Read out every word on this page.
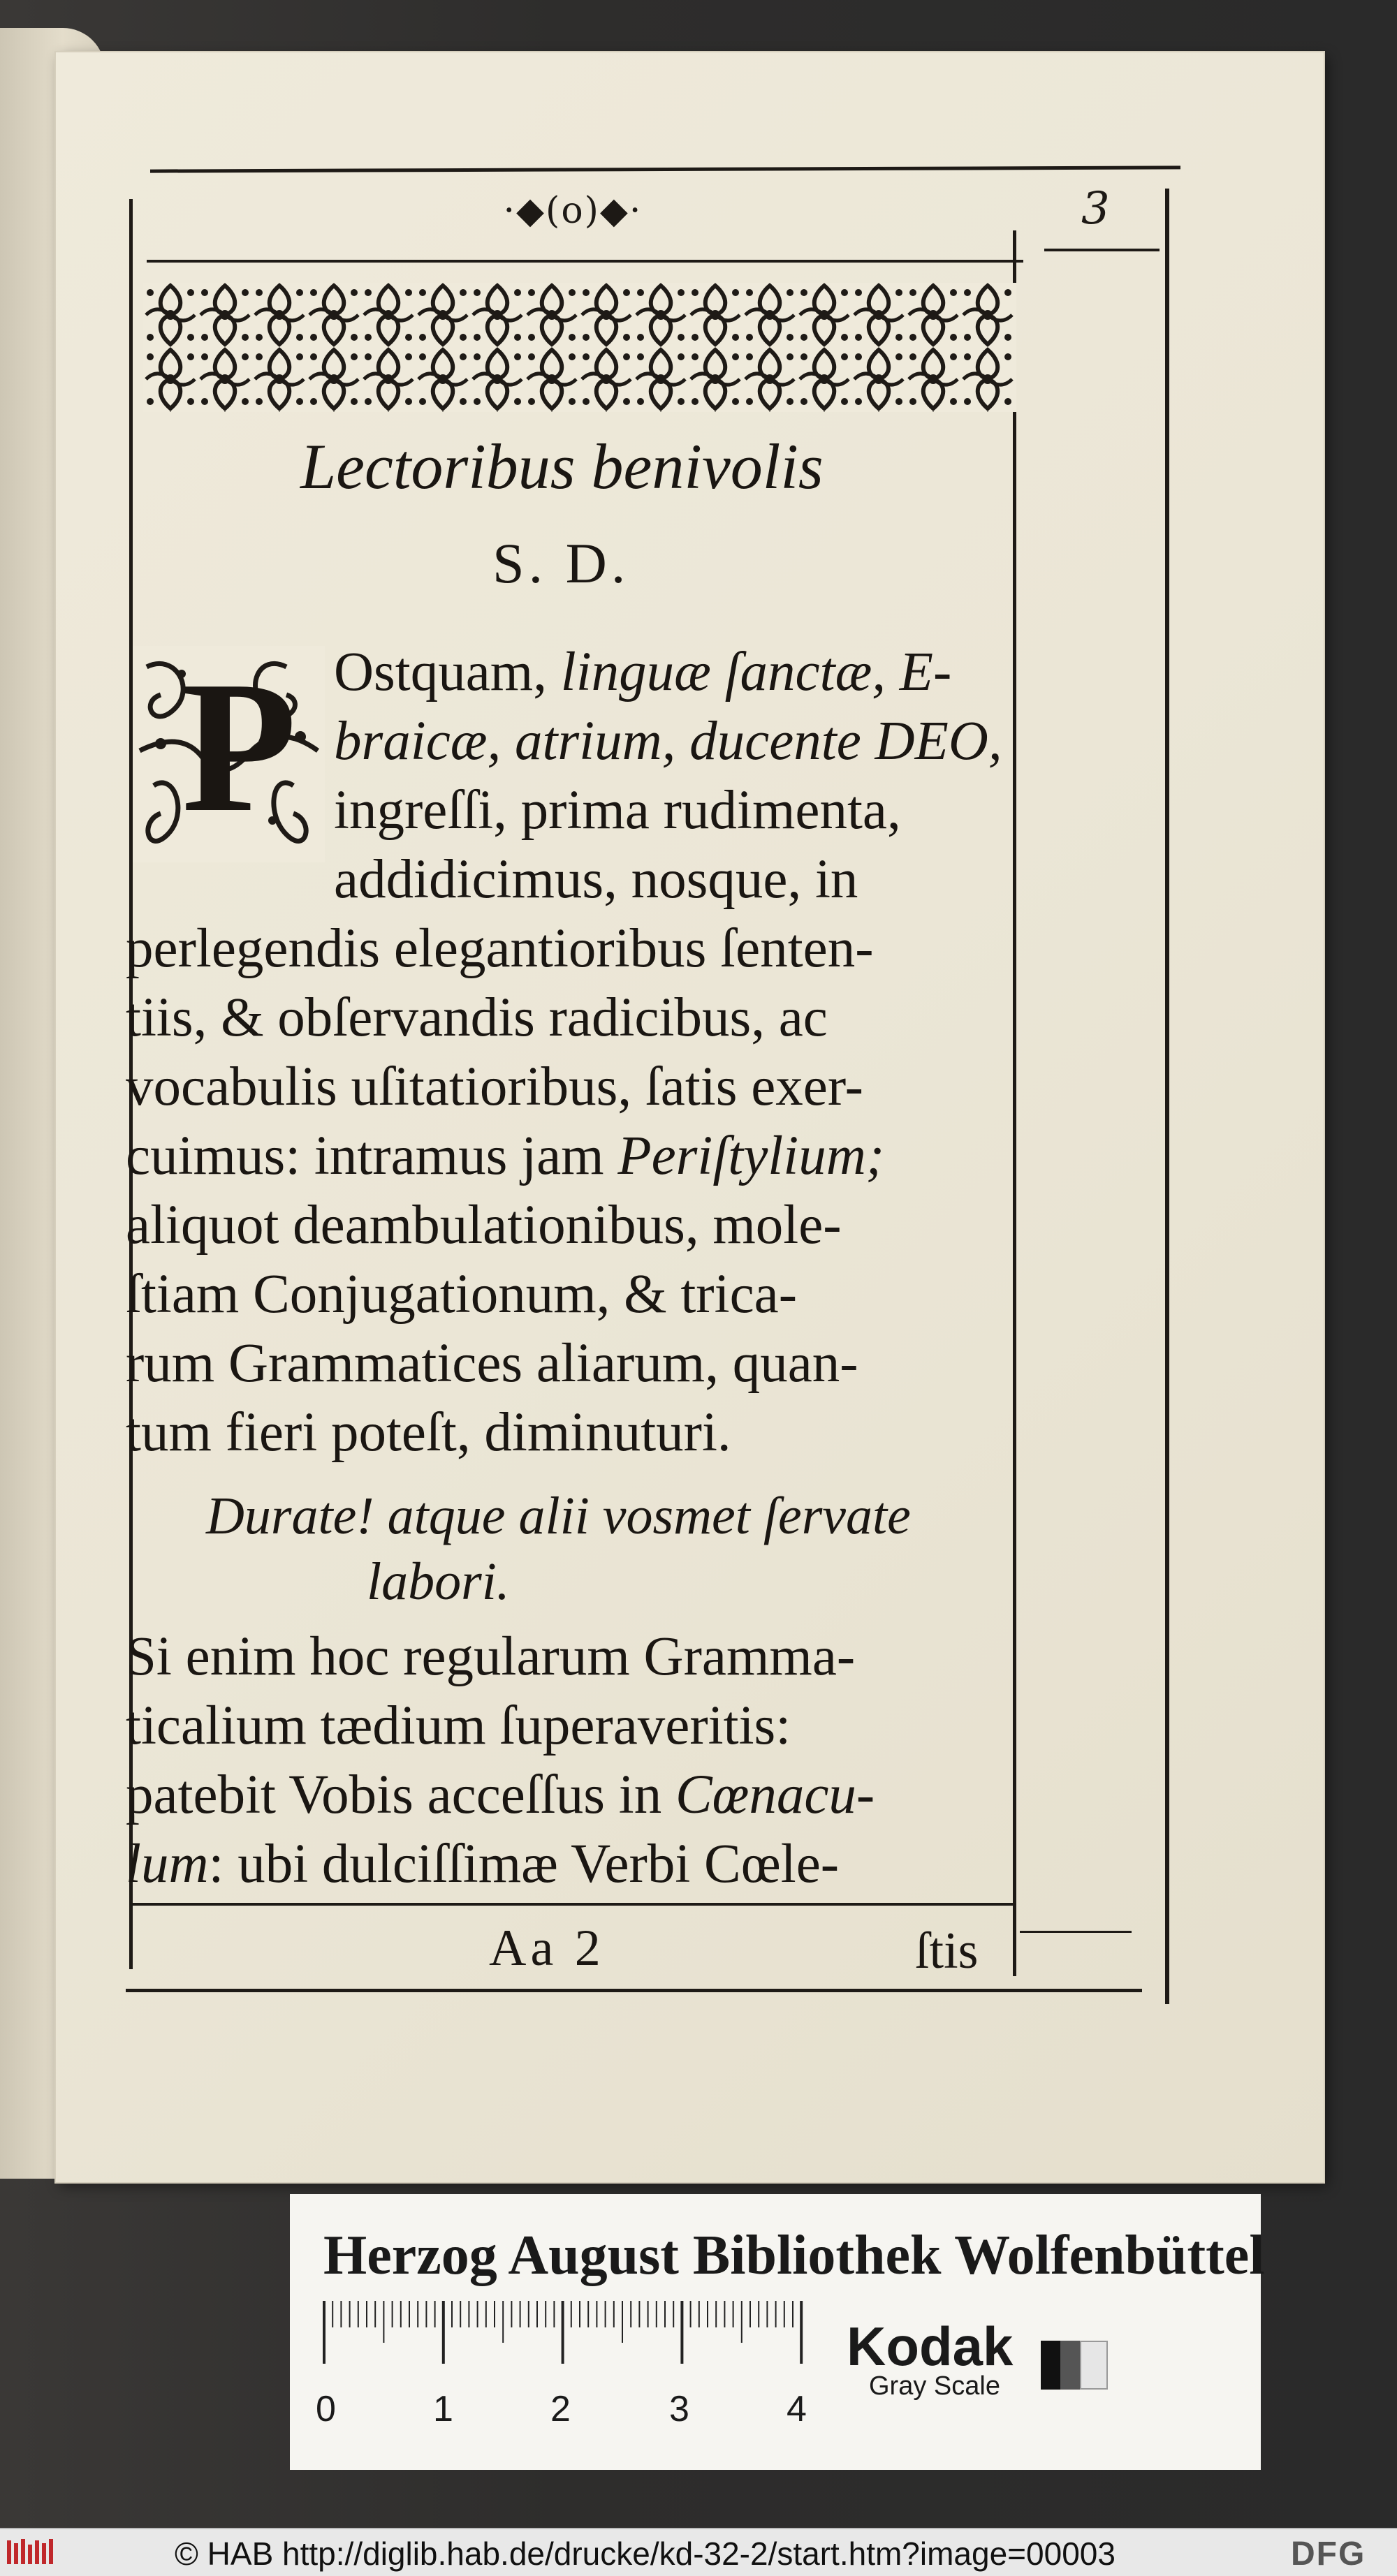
·◆(o)◆·	3
Lectoribus benivolis
S. D.
P Ostquam, linguæ ſanctæ, E-
braicæ, atrium, ducente DEO,
ingreſſi, prima rudimenta,
addidicimus, nosque, in
perlegendis elegantioribus ſenten-
tiis, & obſervandis radicibus, ac
vocabulis uſitatioribus, ſatis exer-
cuimus: intramus jam Periſtylium;
aliquot deambulationibus, mole-
ſtiam Conjugationum, & trica-
rum Grammatices aliarum, quan-
tum fieri poteſt, diminuturi.
Durate! atque alii vosmet ſervate
labori.
Si enim hoc regularum Gramma-
ticalium tædium ſuperaveritis:
patebit Vobis acceſſus in Cœnacu-
lum: ubi dulciſſimæ Verbi Cœle-
Aa 2	ſtis
Herzog August Bibliothek Wolfenbüttel
0	1	2	3	4
Kodak
Gray Scale
© HAB http://diglib.hab.de/drucke/kd-32-2/start.htm?image=00003	DFG
